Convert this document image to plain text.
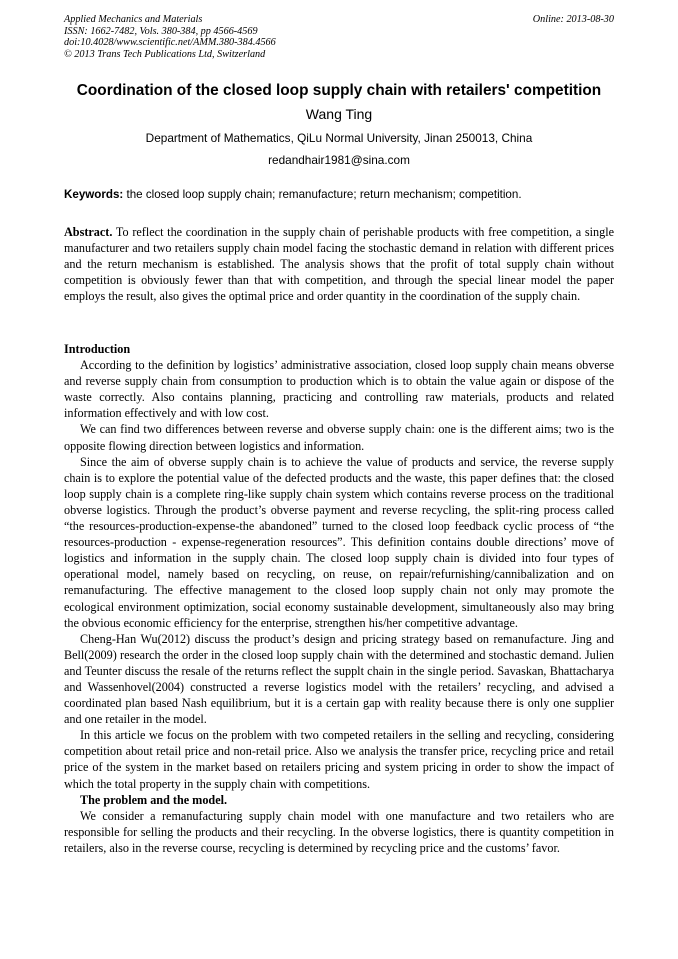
Applied Mechanics and Materials
ISSN: 1662-7482, Vols. 380-384, pp 4566-4569
doi:10.4028/www.scientific.net/AMM.380-384.4566
© 2013 Trans Tech Publications Ltd, Switzerland
Online: 2013-08-30
Coordination of the closed loop supply chain with retailers' competition
Wang Ting
Department of Mathematics, QiLu Normal University, Jinan 250013, China
redandhair1981@sina.com
Keywords: the closed loop supply chain; remanufacture; return mechanism; competition.
Abstract. To reflect the coordination in the supply chain of perishable products with free competition, a single manufacturer and two retailers supply chain model facing the stochastic demand in relation with different prices and the return mechanism is established. The analysis shows that the profit of total supply chain without competition is obviously fewer than that with competition, and through the special linear model the paper employs the result, also gives the optimal price and order quantity in the coordination of the supply chain.
Introduction

According to the definition by logistics’ administrative association, closed loop supply chain means obverse and reverse supply chain from consumption to production which is to obtain the value again or dispose of the waste correctly. Also contains planning, practicing and controlling raw materials, products and related information effectively and with low cost.

We can find two differences between reverse and obverse supply chain: one is the different aims; two is the opposite flowing direction between logistics and information.

Since the aim of obverse supply chain is to achieve the value of products and service, the reverse supply chain is to explore the potential value of the defected products and the waste, this paper defines that: the closed loop supply chain is a complete ring-like supply chain system which contains reverse process on the traditional obverse logistics. Through the product’s obverse payment and reverse recycling, the split-ring process called “the resources-production-expense-the abandoned” turned to the closed loop feedback cyclic process of “the resources-production - expense-regeneration resources”. This definition contains double directions’ move of logistics and information in the supply chain. The closed loop supply chain is divided into four types of operational model, namely based on recycling, on reuse, on repair/refurnishing/cannibalization and on remanufacturing. The effective management to the closed loop supply chain not only may promote the ecological environment optimization, social economy sustainable development, simultaneously also may bring the obvious economic efficiency for the enterprise, strengthen his/her competitive advantage.

Cheng-Han Wu(2012) discuss the product’s design and pricing strategy based on remanufacture. Jing and Bell(2009) research the order in the closed loop supply chain with the determined and stochastic demand. Julien and Teunter discuss the resale of the returns reflect the supplt chain in the single period. Savaskan, Bhattacharya and Wassenhovel(2004) constructed a reverse logistics model with the retailers’ recycling, and advised a coordinated plan based Nash equilibrium, but it is a certain gap with reality because there is only one supplier and one retailer in the model.

In this article we focus on the problem with two competed retailers in the selling and recycling, considering competition about retail price and non-retail price. Also we analysis the transfer price, recycling price and retail price of the system in the market based on retailers pricing and system pricing in order to show the impact of which the total property in the supply chain with competitions.

The problem and the model.

We consider a remanufacturing supply chain model with one manufacture and two retailers who are responsible for selling the products and their recycling. In the obverse logistics, there is quantity competition in retailers, also in the reverse course, recycling is determined by recycling price and the customs’ favor.
